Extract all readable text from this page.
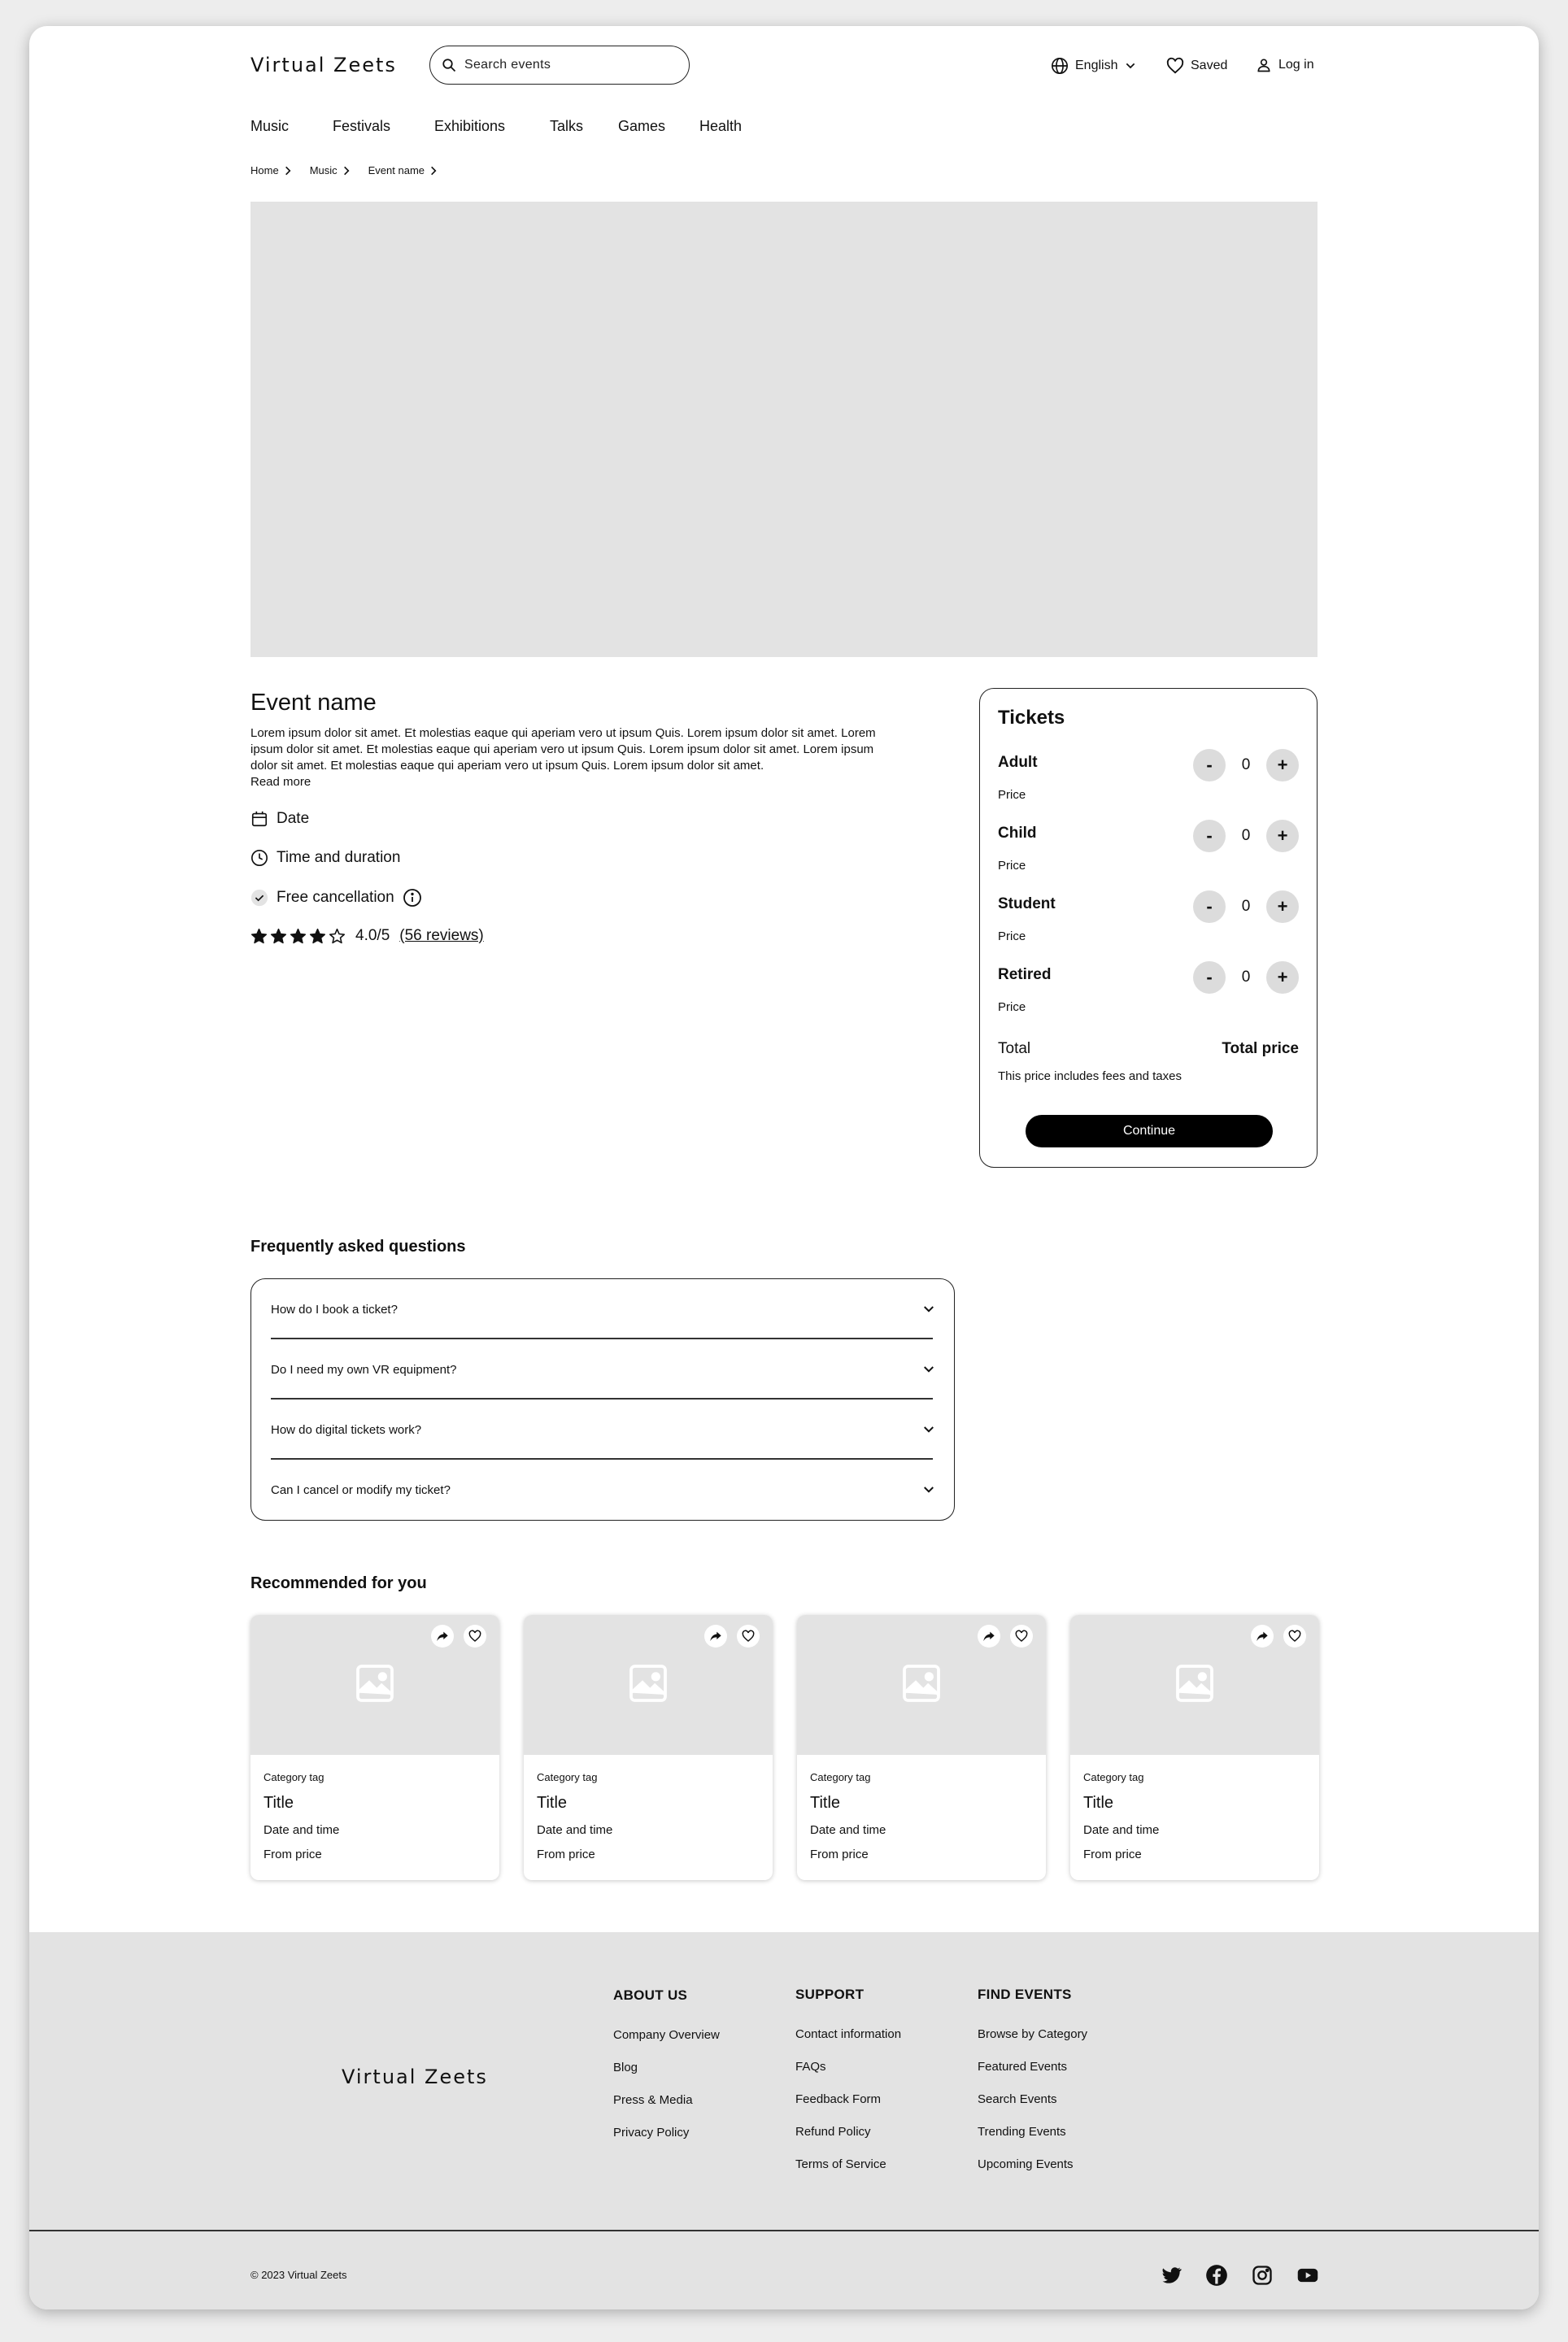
Virtual Zeets
Search events	English	Saved	Log in
Music	Festivals	Exhibitions	Talks Games Health
Home	Music	Event name
Event name
Lorem ipsum dolor sit amet. Et molestias eaque qui aperiam vero ut ipsum Quis. Lorem ipsum dolor sit amet. Lorem
ipsum dolor sit amet. Et molestias eaque qui aperiam vero ut ipsum Quis. Lorem ipsum dolor sit amet. Lorem ipsum
dolor sit amet. Et molestias eaque qui aperiam vero ut ipsum Quis. Lorem ipsum dolor sit amet.
Read more
Date
Time and duration
Free cancellation
4.0/5 (56 reviews)
Tickets
Adult
Price
-	0	+
Child
Price
-	0	+
Student
Price
-	0	+
Retired
Price
-	0	+
Total	Total price
This price includes fees and taxes
Continue
Frequently asked questions
How do I book a ticket?
Do I need my own VR equipment?
How do digital tickets work?
Can I cancel or modify my ticket?
Recommended for you
Category tag
Title
Date and time
From price
Category tag
Title
Date and time
From price
Category tag
Title
Date and time
From price
Category tag
Title
Date and time
From price
Virtual Zeets
ABOUT US
Company Overview
Blog
Press & Media
Privacy Policy
SUPPORT
Contact information
FAQs
Feedback Form
Refund Policy
Terms of Service
FIND EVENTS
Browse by Category
Featured Events
Search Events
Trending Events
Upcoming Events
© 2023 Virtual Zeets
